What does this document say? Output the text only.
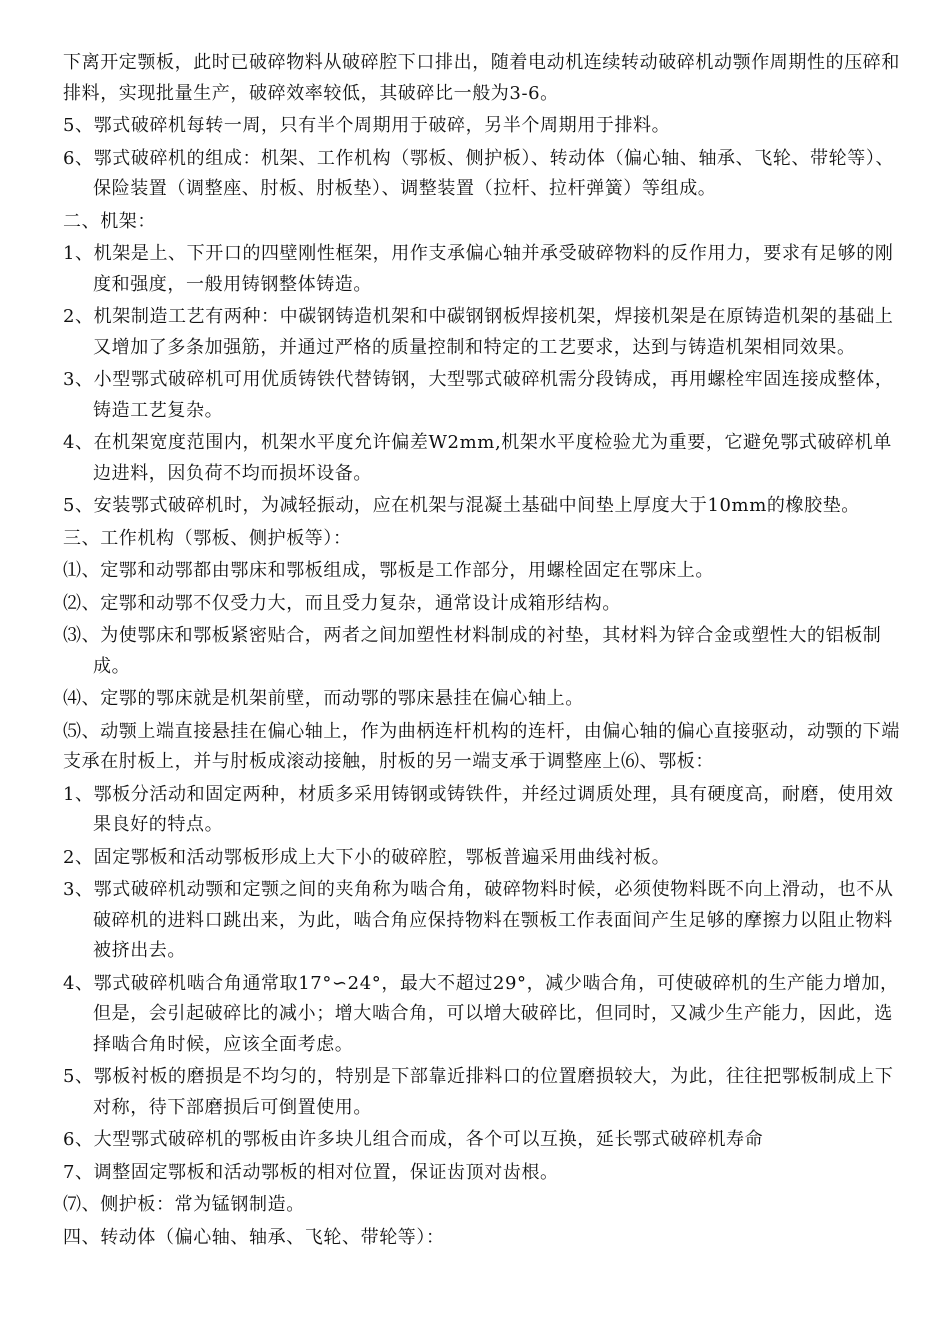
下离开定颚板，此时已破碎物料从破碎腔下口排出，随着电动机连续转动破碎机动颚作周期性的压碎和排料，实现批量生产，破碎效率较低，其破碎比一般为3-6。

5、鄂式破碎机每转一周，只有半个周期用于破碎，另半个周期用于排料。

6、鄂式破碎机的组成：机架、工作机构（鄂板、侧护板）、转动体（偏心轴、轴承、飞轮、带轮等）、保险装置（调整座、肘板、肘板垫）、调整装置（拉杆、拉杆弹簧）等组成。

二、机架：

1、机架是上、下开口的四壁刚性框架，用作支承偏心轴并承受破碎物料的反作用力，要求有足够的刚度和强度，一般用铸钢整体铸造。

2、机架制造工艺有两种：中碳钢铸造机架和中碳钢钢板焊接机架，焊接机架是在原铸造机架的基础上又增加了多条加强筋，并通过严格的质量控制和特定的工艺要求，达到与铸造机架相同效果。

3、小型鄂式破碎机可用优质铸铁代替铸钢，大型鄂式破碎机需分段铸成，再用螺栓牢固连接成整体，铸造工艺复杂。

4、在机架宽度范围内，机架水平度允许偏差W2mm,机架水平度检验尤为重要，它避免鄂式破碎机单边进料，因负荷不均而损坏设备。

5、安装鄂式破碎机时，为减轻振动，应在机架与混凝土基础中间垫上厚度大于10mm的橡胶垫。

三、工作机构（鄂板、侧护板等）：

⑴、定鄂和动鄂都由鄂床和鄂板组成，鄂板是工作部分，用螺栓固定在鄂床上。

⑵、定鄂和动鄂不仅受力大，而且受力复杂，通常设计成箱形结构。

⑶、为使鄂床和鄂板紧密贴合，两者之间加塑性材料制成的衬垫，其材料为锌合金或塑性大的铝板制成。

⑷、定鄂的鄂床就是机架前壁，而动鄂的鄂床悬挂在偏心轴上。

⑸、动颚上端直接悬挂在偏心轴上，作为曲柄连杆机构的连杆，由偏心轴的偏心直接驱动，动颚的下端支承在肘板上，并与肘板成滚动接触，肘板的另一端支承于调整座上⑹、鄂板：

1、鄂板分活动和固定两种，材质多采用铸钢或铸铁件，并经过调质处理，具有硬度高，耐磨，使用效果良好的特点。

2、固定鄂板和活动鄂板形成上大下小的破碎腔，鄂板普遍采用曲线衬板。

3、鄂式破碎机动颚和定颚之间的夹角称为啮合角，破碎物料时候，必须使物料既不向上滑动，也不从破碎机的进料口跳出来，为此，啮合角应保持物料在颚板工作表面间产生足够的摩擦力以阻止物料被挤出去。

4、鄂式破碎机啮合角通常取17°∽24°，最大不超过29°，减少啮合角，可使破碎机的生产能力增加，但是，会引起破碎比的减小；增大啮合角，可以增大破碎比，但同时，又减少生产能力，因此，选择啮合角时候，应该全面考虑。

5、鄂板衬板的磨损是不均匀的，特别是下部靠近排料口的位置磨损较大，为此，往往把鄂板制成上下对称，待下部磨损后可倒置使用。

6、大型鄂式破碎机的鄂板由许多块儿组合而成，各个可以互换，延长鄂式破碎机寿命

7、调整固定鄂板和活动鄂板的相对位置，保证齿顶对齿根。

⑺、侧护板：常为锰钢制造。

四、转动体（偏心轴、轴承、飞轮、带轮等）：
